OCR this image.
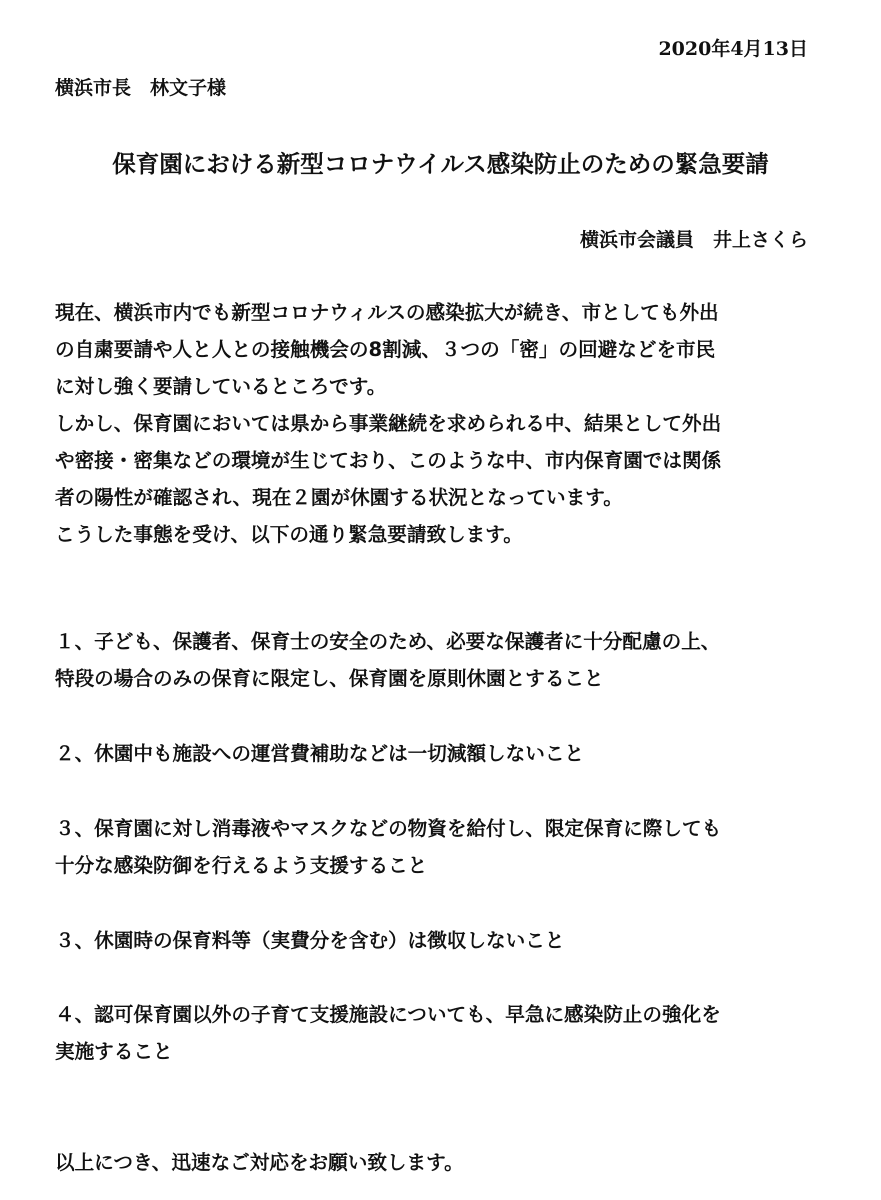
2020年4月13日
横浜市長　林文子様
保育園における新型コロナウイルス感染防止のための緊急要請
横浜市会議員　井上さくら
現在、横浜市内でも新型コロナウィルスの感染拡大が続き、市としても外出
の自粛要請や人と人との接触機会の8割減、３つの「密」の回避などを市民
に対し強く要請しているところです。
しかし、保育園においては県から事業継続を求められる中、結果として外出
や密接・密集などの環境が生じており、このような中、市内保育園では関係
者の陽性が確認され、現在２園が休園する状況となっています。
こうした事態を受け、以下の通り緊急要請致します。
１、子ども、保護者、保育士の安全のため、必要な保護者に十分配慮の上、
特段の場合のみの保育に限定し、保育園を原則休園とすること
２、休園中も施設への運営費補助などは一切減額しないこと
３、保育園に対し消毒液やマスクなどの物資を給付し、限定保育に際しても
十分な感染防御を行えるよう支援すること
３、休園時の保育料等（実費分を含む）は徴収しないこと
４、認可保育園以外の子育て支援施設についても、早急に感染防止の強化を
実施すること
以上につき、迅速なご対応をお願い致します。
